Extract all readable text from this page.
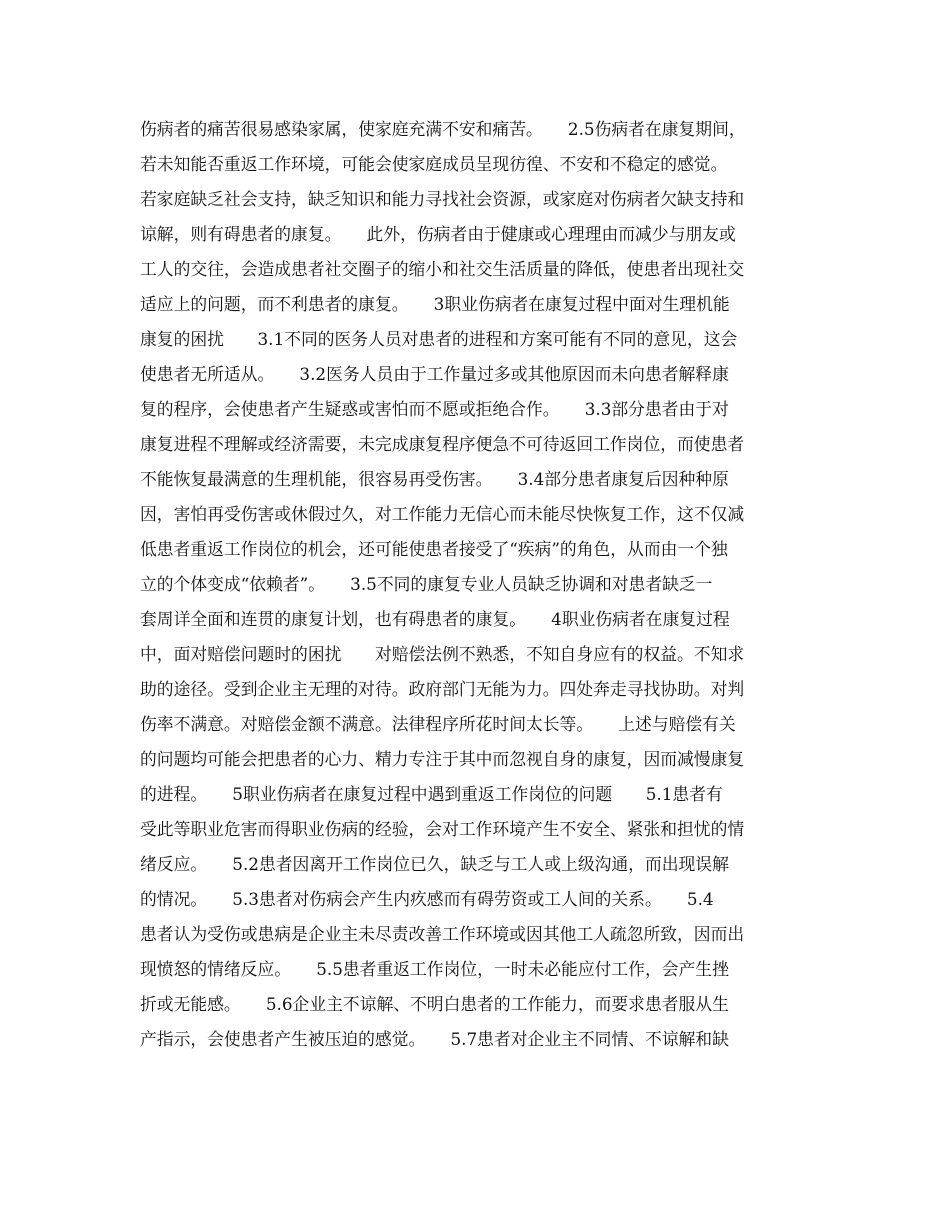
伤病者的痛苦很易感染家属，使家庭充满不安和痛苦。　　2.5伤病者在康复期间，
若未知能否重返工作环境，可能会使家庭成员呈现彷徨、不安和不稳定的感觉。
若家庭缺乏社会支持，缺乏知识和能力寻找社会资源，或家庭对伤病者欠缺支持和
谅解，则有碍患者的康复。　　此外，伤病者由于健康或心理理由而减少与朋友或
工人的交往，会造成患者社交圈子的缩小和社交生活质量的降低，使患者出现社交
适应上的问题，而不利患者的康复。　　3职业伤病者在康复过程中面对生理机能
康复的困扰　　3.1不同的医务人员对患者的进程和方案可能有不同的意见，这会
使患者无所适从。　　3.2医务人员由于工作量过多或其他原因而未向患者解释康
复的程序，会使患者产生疑惑或害怕而不愿或拒绝合作。　　3.3部分患者由于对
康复进程不理解或经济需要，未完成康复程序便急不可待返回工作岗位，而使患者
不能恢复最满意的生理机能，很容易再受伤害。　　3.4部分患者康复后因种种原
因，害怕再受伤害或休假过久，对工作能力无信心而未能尽快恢复工作，这不仅减
低患者重返工作岗位的机会，还可能使患者接受了“疾病”的角色，从而由一个独
立的个体变成“依赖者”。　　3.5不同的康复专业人员缺乏协调和对患者缺乏一
套周详全面和连贯的康复计划，也有碍患者的康复。　　4职业伤病者在康复过程
中，面对赔偿问题时的困扰　　对赔偿法例不熟悉，不知自身应有的权益。不知求
助的途径。受到企业主无理的对待。政府部门无能为力。四处奔走寻找协助。对判
伤率不满意。对赔偿金额不满意。法律程序所花时间太长等。　　上述与赔偿有关
的问题均可能会把患者的心力、精力专注于其中而忽视自身的康复，因而减慢康复
的进程。　　5职业伤病者在康复过程中遇到重返工作岗位的问题　　5.1患者有
受此等职业危害而得职业伤病的经验，会对工作环境产生不安全、紧张和担忧的情
绪反应。　　5.2患者因离开工作岗位已久，缺乏与工人或上级沟通，而出现误解
的情况。　　5.3患者对伤病会产生内疚感而有碍劳资或工人间的关系。　　5.4
患者认为受伤或患病是企业主未尽责改善工作环境或因其他工人疏忽所致，因而出
现愤怒的情绪反应。　　5.5患者重返工作岗位，一时未必能应付工作，会产生挫
折或无能感。　　5.6企业主不谅解、不明白患者的工作能力，而要求患者服从生
产指示，会使患者产生被压迫的感觉。　　5.7患者对企业主不同情、不谅解和缺
